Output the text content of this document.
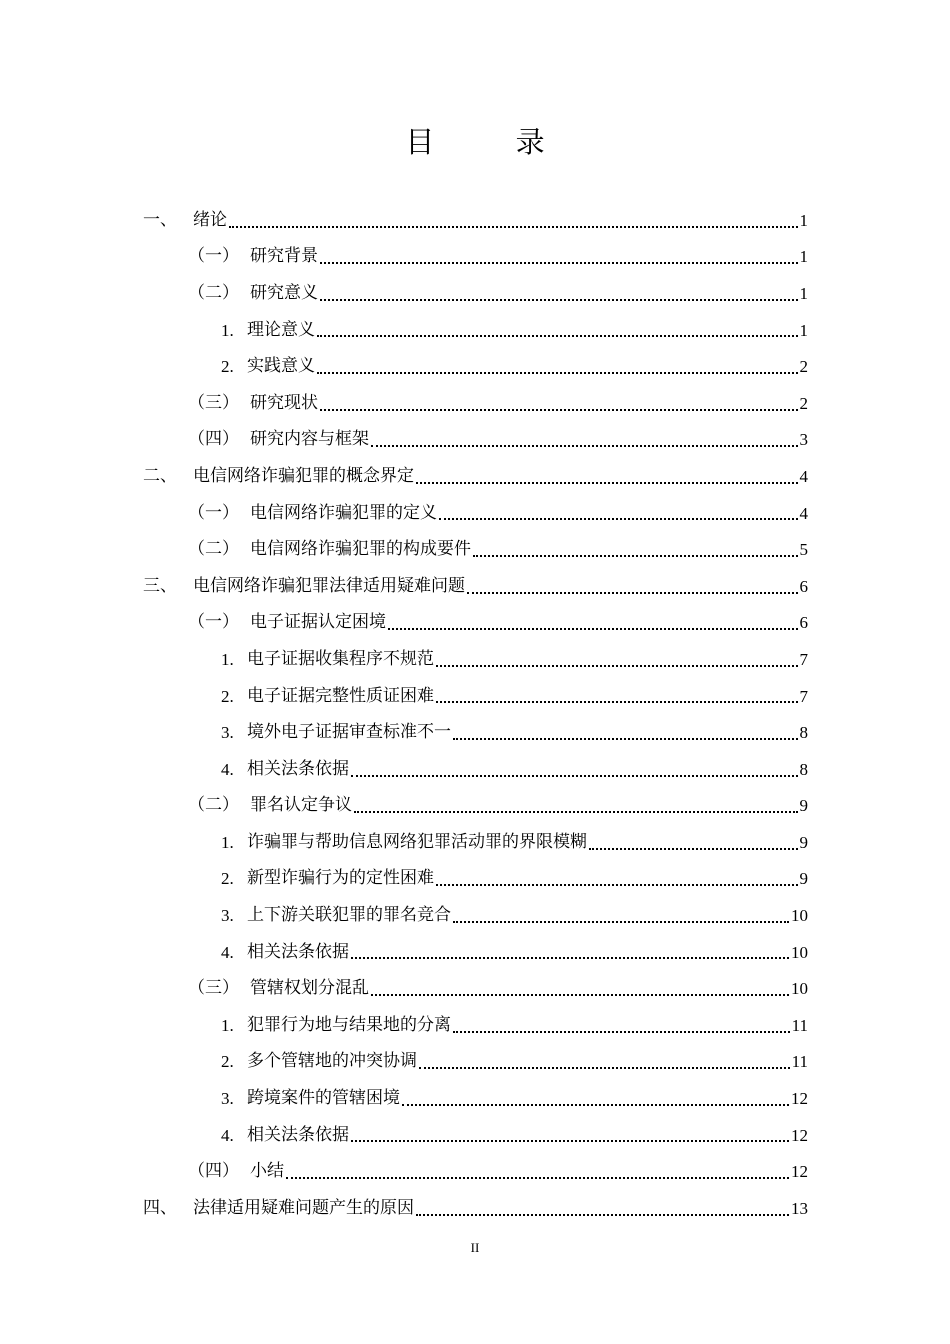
目 录
一、 绪论	1
（一） 研究背景	1
（二） 研究意义	1
1. 理论意义	1
2. 实践意义	2
（三） 研究现状	2
（四） 研究内容与框架	3
二、 电信网络诈骗犯罪的概念界定	4
（一） 电信网络诈骗犯罪的定义	4
（二） 电信网络诈骗犯罪的构成要件	5
三、 电信网络诈骗犯罪法律适用疑难问题	6
（一） 电子证据认定困境	6
1. 电子证据收集程序不规范	7
2. 电子证据完整性质证困难	7
3. 境外电子证据审查标准不一	8
4. 相关法条依据	8
（二） 罪名认定争议	9
1. 诈骗罪与帮助信息网络犯罪活动罪的界限模糊	9
2. 新型诈骗行为的定性困难	9
3. 上下游关联犯罪的罪名竞合	10
4. 相关法条依据	10
（三） 管辖权划分混乱	10
1. 犯罪行为地与结果地的分离	11
2. 多个管辖地的冲突协调	11
3. 跨境案件的管辖困境	12
4. 相关法条依据	12
（四） 小结	12
四、 法律适用疑难问题产生的原因	13
II
